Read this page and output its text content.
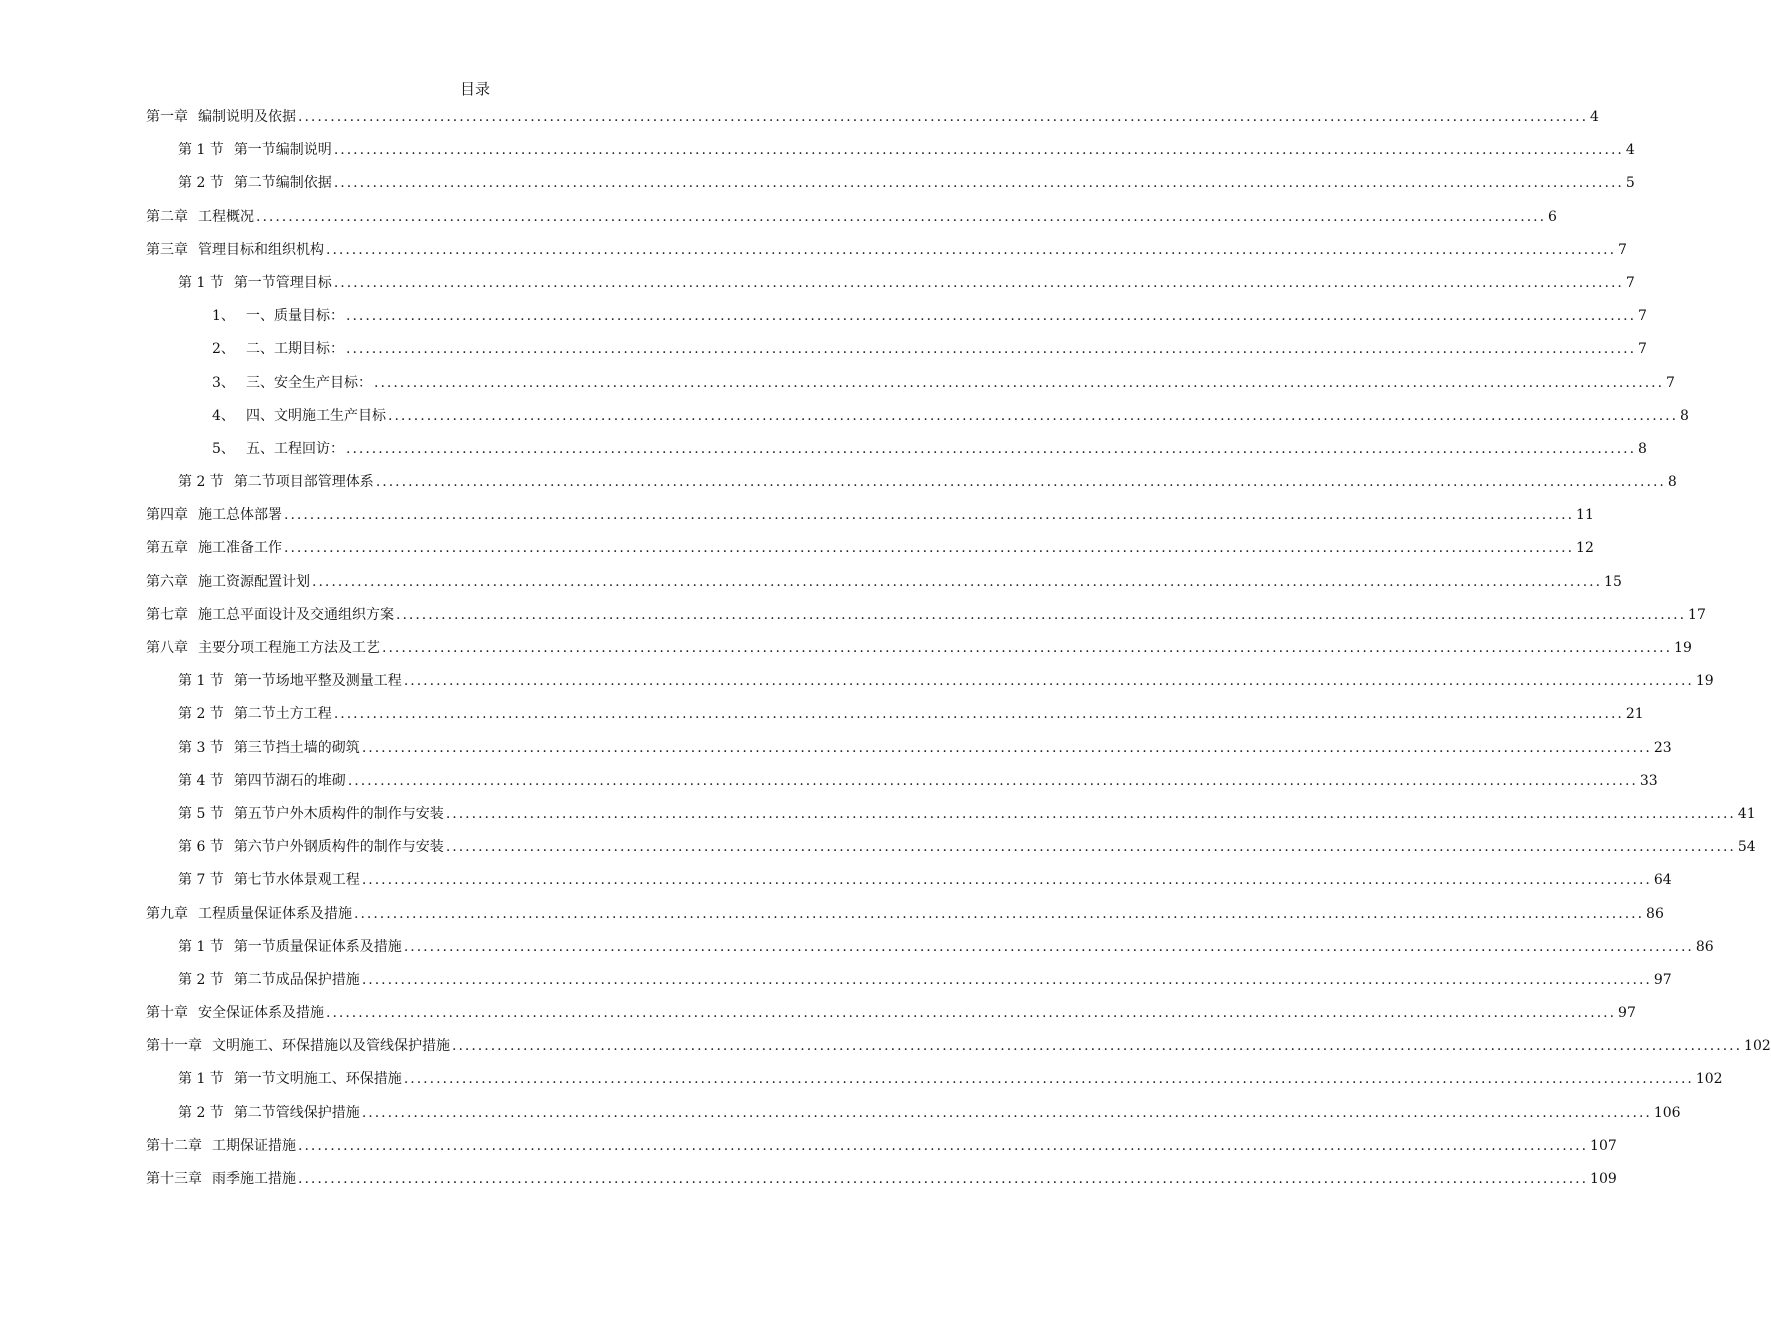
目录
第一章 编制说明及依据 ........................................................................................................................................................................................................ 4
第 1 节 第一节编制说明 ........................................................................................................................................................................................................ 4
第 2 节 第二节编制依据 ........................................................................................................................................................................................................ 5
第二章 工程概况 ........................................................................................................................................................................................................ 6
第三章 管理目标和组织机构 ........................................................................................................................................................................................................ 7
第 1 节 第一节管理目标 ........................................................................................................................................................................................................ 7
1、 一、质量目标： ........................................................................................................................................................................................................ 7
2、 二、工期目标： ........................................................................................................................................................................................................ 7
3、 三、安全生产目标： ........................................................................................................................................................................................................ 7
4、 四、文明施工生产目标 ........................................................................................................................................................................................................ 8
5、 五、工程回访： ........................................................................................................................................................................................................ 8
第 2 节 第二节项目部管理体系 ........................................................................................................................................................................................................ 8
第四章 施工总体部署 ........................................................................................................................................................................................................ 11
第五章 施工准备工作 ........................................................................................................................................................................................................ 12
第六章 施工资源配置计划 ........................................................................................................................................................................................................ 15
第七章 施工总平面设计及交通组织方案 ........................................................................................................................................................................................................ 17
第八章 主要分项工程施工方法及工艺 ........................................................................................................................................................................................................ 19
第 1 节 第一节场地平整及测量工程 ........................................................................................................................................................................................................ 19
第 2 节 第二节土方工程 ........................................................................................................................................................................................................ 21
第 3 节 第三节挡土墙的砌筑 ........................................................................................................................................................................................................ 23
第 4 节 第四节湖石的堆砌 ........................................................................................................................................................................................................ 33
第 5 节 第五节户外木质构件的制作与安装 ........................................................................................................................................................................................................ 41
第 6 节 第六节户外钢质构件的制作与安装 ........................................................................................................................................................................................................ 54
第 7 节 第七节水体景观工程 ........................................................................................................................................................................................................ 64
第九章 工程质量保证体系及措施 ........................................................................................................................................................................................................ 86
第 1 节 第一节质量保证体系及措施 ........................................................................................................................................................................................................ 86
第 2 节 第二节成品保护措施 ........................................................................................................................................................................................................ 97
第十章 安全保证体系及措施 ........................................................................................................................................................................................................ 97
第十一章 文明施工、环保措施以及管线保护措施 ........................................................................................................................................................................................................ 102
第 1 节 第一节文明施工、环保措施 ........................................................................................................................................................................................................ 102
第 2 节 第二节管线保护措施 ........................................................................................................................................................................................................ 106
第十二章 工期保证措施 ........................................................................................................................................................................................................ 107
第十三章 雨季施工措施 ........................................................................................................................................................................................................ 109
